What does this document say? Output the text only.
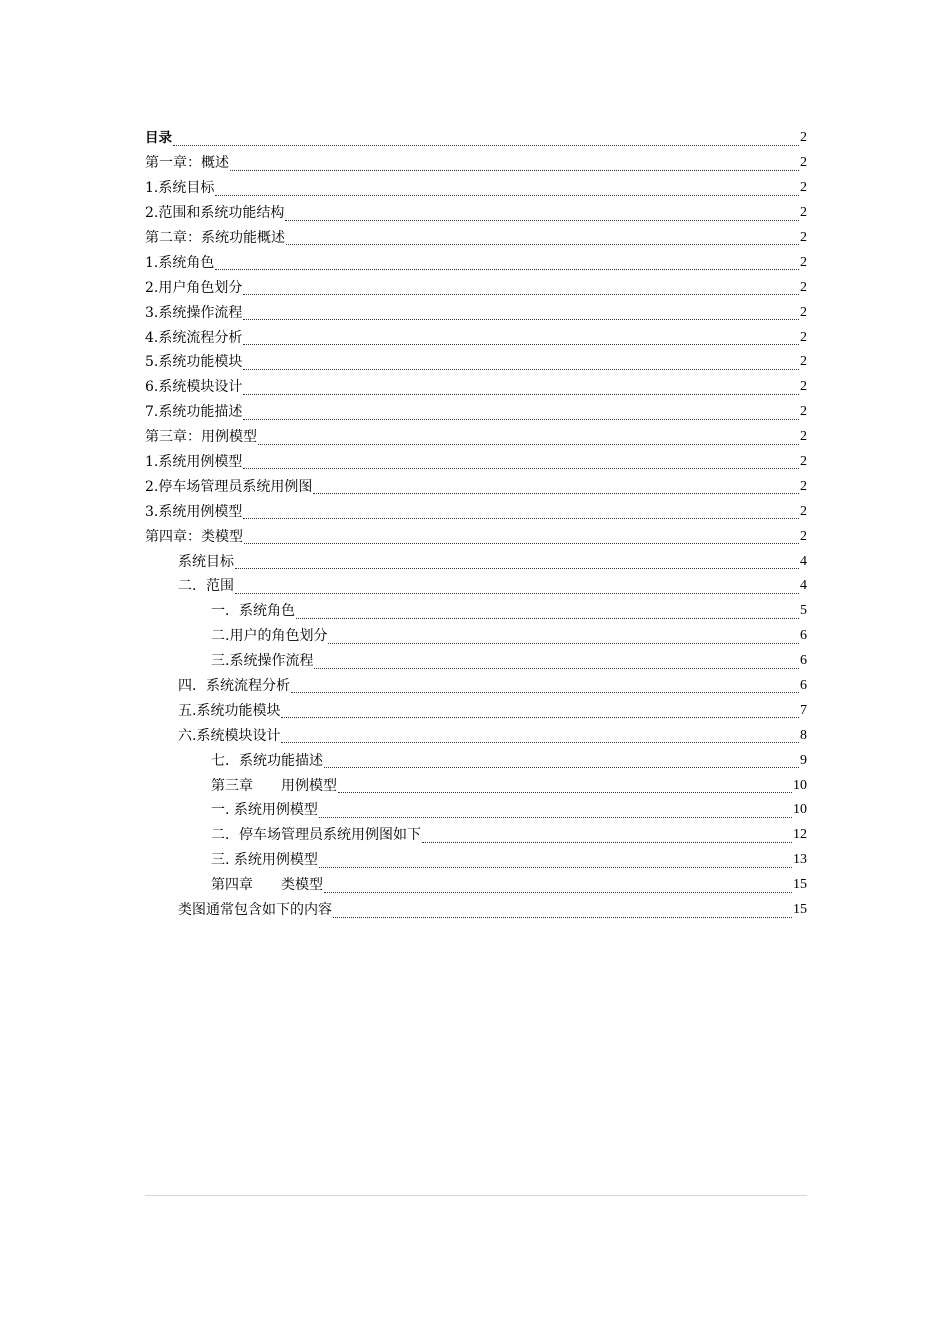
目录	2
第一章：概述	2
1.系统目标	2
2.范围和系统功能结构	2
第二章：系统功能概述	2
1.系统角色	2
2.用户角色划分	2
3.系统操作流程	2
4.系统流程分析	2
5.系统功能模块	2
6.系统模块设计	2
7.系统功能描述	2
第三章：用例模型	2
1.系统用例模型	2
2.停车场管理员系统用例图	2
3.系统用例模型	2
第四章：类模型	2
系统目标	4
二．范围	4
一．系统角色	5
二.用户的角色划分	6
三.系统操作流程	6
四．系统流程分析	6
五.系统功能模块	7
六.系统模块设计	8
七．系统功能描述	9
第三章　　用例模型	10
一. 系统用例模型	10
二．停车场管理员系统用例图如下	12
三. 系统用例模型	13
第四章　　类模型	15
类图通常包含如下的内容	15
